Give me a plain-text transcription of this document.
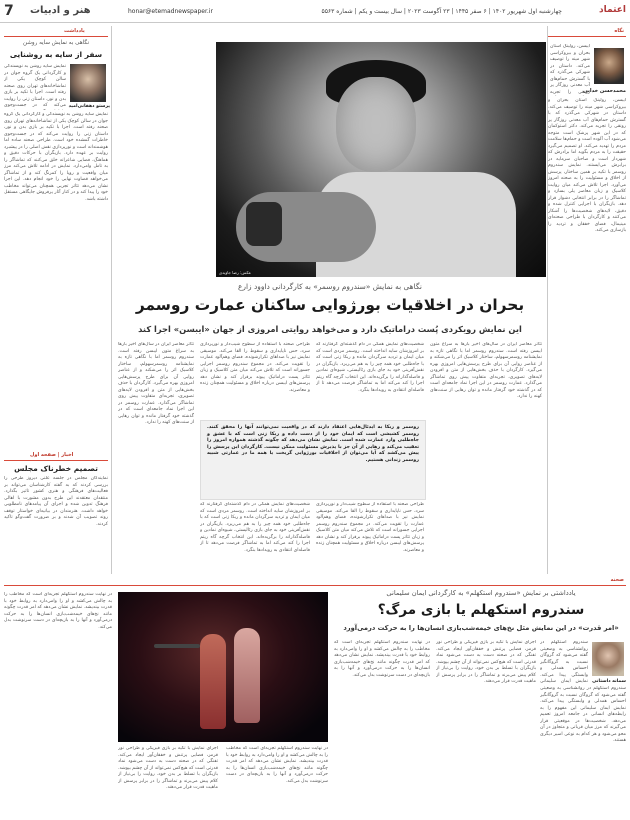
اعتماد
چهارشنبه اول شهریور ۱۴۰۲ | ۶ صفر ۱۴۴۵ | ۲۳ آگوست ۲۰۲۳ | سال بیست و یکم | شماره ۵۵۶۳
honar@etemadnewspaper.ir
هنر و ادبیات
7
نگاه
محمدحسن خدایی
ایبسن، رولینگ استان بحران و بیروکراسی شهر مینه را توصیف می‌کند. داستان در شهرکی می‌گذرد که با گسترش حمام‌های آب معدنی روزگار پر رونقی را تجربه
ایبسن، رولینگ استان بحران و بیروکراسی شهر مینه را توصیف می‌کند. داستان در شهرکی می‌گذرد که با گسترش حمام‌های آب معدنی روزگار پر رونقی را تجربه می‌کند. دکتر استوکمان که در این شهر پزشک است متوجه می‌شود آب آلوده است و حمام‌ها سلامت مردم را تهدید می‌کند. او تصمیم می‌گیرد حقیقت را به مردم بگوید اما برادرش که شهردار است و صاحبان سرمایه در برابرش می‌ایستند. نمایش سندروم روسمر با تکیه بر همین ساختار، پرسش از اخلاق و مسئولیت را به صحنه امروز می‌آورد. اجرا تلاش می‌کند میان روایت کلاسیک و زبان معاصر پلی بسازد و تماشاگر را در برابر انتخابی دشوار قرار دهد. بازیگران با اجرایی کنترل شده و دقیق، لایه‌های شخصیت‌ها را آشکار می‌کنند و کارگردان با طراحی صحنه‌ای مینیمال، فضای خفقان و تردید را بازسازی می‌کند.
عکس: رضا جاویدی
نگاهی به نمایش «سندروم روسمر» به کارگردانی داوود زارع
بحران در اخلاقیات بورژوایی ساکنان عمارت روسمر
این نمایش رویکردی پُست دراماتیک دارد و می‌خواهد روایتی امروزی از جهان «ایبسن» اجرا کند
تئاتر معاصر ایران در سال‌های اخیر بارها به سراغ متون ایبسن رفته است. سندروم روسمر اما با نگاهی تازه به نمایشنامه روسمرسهولم، ساختار کلاسیک اثر را می‌شکند و از عناصر روایی آن برای طرح پرسش‌هایی امروزی بهره می‌گیرد. کارگردان با حذف بخش‌هایی از متن و افزودن لایه‌های تصویری، تجربه‌ای متفاوت پیش روی تماشاگر می‌گذارد. عمارت روسمر در این اجرا نماد جامعه‌ای است که در گذشته خود گرفتار مانده و توان رهایی از سنت‌های کهنه را ندارد.
شخصیت‌های نمایش همگی در دام گذشته‌ای گرفتارند که بر امروزشان سایه انداخته است. روسمر مردی است که میان ایمان و تردید سرگردان مانده و ربکا زنی است که با جاه‌طلبی خود همه چیز را به هم می‌ریزد. بازیگران در نقش‌آفرینی خود به جای بازی رئالیستی، شیوه‌ای نمادین و فاصله‌گذارانه را برگزیده‌اند. این انتخاب گرچه گاه ریتم اجرا را کند می‌کند اما به تماشاگر فرصت می‌دهد تا از فاصله‌ای انتقادی به رویدادها بنگرد.
طراحی صحنه با استفاده از سطوح شیب‌دار و نورپردازی سرد، حس ناپایداری و سقوط را القا می‌کند. موسیقی نمایش نیز با صداهای تکرارشونده، فضای وهم‌آلود عمارت را تقویت می‌کند. در مجموع سندروم روسمر اجرایی جسورانه است که تلاش می‌کند میان متن کلاسیک و زبان تئاتر پست دراماتیک پیوند برقرار کند و نشان دهد پرسش‌های ایبسن درباره اخلاق و مسئولیت همچنان زنده و معاصرند.
تئاتر معاصر ایران در سال‌های اخیر بارها به سراغ متون ایبسن رفته است. سندروم روسمر اما با نگاهی تازه به نمایشنامه روسمرسهولم، ساختار کلاسیک اثر را می‌شکند و از عناصر روایی آن برای طرح پرسش‌هایی امروزی بهره می‌گیرد. کارگردان با حذف بخش‌هایی از متن و افزودن لایه‌های تصویری، تجربه‌ای متفاوت پیش روی تماشاگر می‌گذارد. عمارت روسمر در این اجرا نماد جامعه‌ای است که در گذشته خود گرفتار مانده و توان رهایی از سنت‌های کهنه را ندارد.
روسمر و ربکا به ایدئال‌هایی اعتقاد دارند که در واقعیت نمی‌توانند آنها را محقق کنند. روسمر کشیشی است که ایمان خود را از دست داده و ربکا زنی است که با عشق و جاه‌طلبی وارد عمارت شده است. نمایش نشان می‌دهد که چگونه گذشته همواره امروز را تعقیب می‌کند و رهایی از آن جز با پذیرش مسئولیت ممکن نیست. کارگردان این پرسش را پیش می‌کشد که آیا می‌توان از اخلاقیات بورژوایی گریخت یا همه ما در عمارتی شبیه روسمر زندانی هستیم.
طراحی صحنه با استفاده از سطوح شیب‌دار و نورپردازی سرد، حس ناپایداری و سقوط را القا می‌کند. موسیقی نمایش نیز با صداهای تکرارشونده، فضای وهم‌آلود عمارت را تقویت می‌کند. در مجموع سندروم روسمر اجرایی جسورانه است که تلاش می‌کند میان متن کلاسیک و زبان تئاتر پست دراماتیک پیوند برقرار کند و نشان دهد پرسش‌های ایبسن درباره اخلاق و مسئولیت همچنان زنده و معاصرند.
شخصیت‌های نمایش همگی در دام گذشته‌ای گرفتارند که بر امروزشان سایه انداخته است. روسمر مردی است که میان ایمان و تردید سرگردان مانده و ربکا زنی است که با جاه‌طلبی خود همه چیز را به هم می‌ریزد. بازیگران در نقش‌آفرینی خود به جای بازی رئالیستی، شیوه‌ای نمادین و فاصله‌گذارانه را برگزیده‌اند. این انتخاب گرچه گاه ریتم اجرا را کند می‌کند اما به تماشاگر فرصت می‌دهد تا از فاصله‌ای انتقادی به رویدادها بنگرد.
یادداشت
نگاهی به نمایش سایه روشن
سفر از سایه به روشنایی
پرستو دهقانی‌امید
نمایش سایه روشن به نویسندگی و کارگردانی یک گروه جوان در سالن کوچک یکی از تماشاخانه‌های تهران روی صحنه رفته است. اجرا با تکیه بر بازی بدن و نور، داستان زنی را روایت می‌کند که در جست‌وجوی
نمایش سایه روشن به نویسندگی و کارگردانی یک گروه جوان در سالن کوچک یکی از تماشاخانه‌های تهران روی صحنه رفته است. اجرا با تکیه بر بازی بدن و نور، داستان زنی را روایت می‌کند که در جست‌وجوی خاطرات گمشده خود است. طراحی صحنه ساده اما هوشمندانه است و نورپردازی نقش اصلی را در پیشبرد روایت بر عهده دارد. بازیگران با حرکات دقیق و هماهنگ، فضایی شاعرانه خلق می‌کنند که تماشاگر را به تامل وامی‌دارد. نمایش در ادامه تلاش می‌کند مرز میان واقعیت و رویا را کمرنگ کند و از تماشاگر می‌خواهد قضاوت نهایی را خود انجام دهد. این اجرا نشان می‌دهد تئاتر تجربی همچنان می‌تواند مخاطب خود را پیدا کند و در کنار آثار پرفروش جایگاهی مستقل داشته باشد.
اخبار | صفحه اول
تصمیم خطرناک مجلس
نمایندگان مجلس در جلسه علنی دیروز طرحی را بررسی کردند که به گفته کارشناسان می‌تواند بر فعالیت‌های فرهنگی و هنری کشور تاثیر بگذارد. منتقدان معتقدند این طرح بدون مشورت با اهالی فرهنگ تدوین شده و اجرای آن پیامدهای نامطلوبی خواهد داشت. هنرمندان در بیانیه‌ای خواستار توقف روند تصویب آن شدند و بر ضرورت گفت‌وگو تاکید کردند.
صحنه
یادداشتی بر نمایش «سندروم استکهلم» به کارگردانی ایمان سلیمانی
سندروم استکهلم یا بازی مرگ؟
«امر قدرت» در این نمایش مثل نخ‌های خیمه‌شب‌بازی انسان‌ها را به حرکت درمی‌آورد
سمانه داستانی
سندروم استکهلم در روانشناسی به وضعیتی گفته می‌شود که گروگان نسبت به گروگانگیر احساس همدلی و وابستگی پیدا می‌کند. نمایش ایمان سلیمانی
سندروم استکهلم در روانشناسی به وضعیتی گفته می‌شود که گروگان نسبت به گروگانگیر احساس همدلی و وابستگی پیدا می‌کند. نمایش ایمان سلیمانی این مفهوم را به رابطه‌های انسانی در جامعه امروز تعمیم می‌دهد. شخصیت‌ها در موقعیتی قرار می‌گیرند که مرز میان قربانی و متجاوز در آن محو می‌شود و هر کدام به نوعی اسیر دیگری هستند.
اجرای نمایش با تکیه بر بازی فیزیکی و طراحی نور قرمز، فضایی پرتنش و خفقان‌آور ایجاد می‌کند. تفنگی که در صحنه دست به دست می‌شود نماد قدرتی است که هیچ‌کس نمی‌تواند از آن چشم بپوشد. بازیگران با تسلط بر بدن خود، روایت را بی‌نیاز از کلام پیش می‌برند و تماشاگر را در برابر پرسش از ماهیت قدرت قرار می‌دهند.
در نهایت سندروم استکهلم تجربه‌ای است که مخاطب را به چالش می‌کشد و او را وامی‌دارد به روابط خود با قدرت بیندیشد. نمایش نشان می‌دهد که امر قدرت چگونه مانند نخ‌های خیمه‌شب‌بازی انسان‌ها را به حرکت درمی‌آورد و آنها را به بازیچه‌ای در دست سرنوشت بدل می‌کند.
اجرای نمایش با تکیه بر بازی فیزیکی و طراحی نور قرمز، فضایی پرتنش و خفقان‌آور ایجاد می‌کند. تفنگی که در صحنه دست به دست می‌شود نماد قدرتی است که هیچ‌کس نمی‌تواند از آن چشم بپوشد. بازیگران با تسلط بر بدن خود، روایت را بی‌نیاز از کلام پیش می‌برند و تماشاگر را در برابر پرسش از ماهیت قدرت قرار می‌دهند.
در نهایت سندروم استکهلم تجربه‌ای است که مخاطب را به چالش می‌کشد و او را وامی‌دارد به روابط خود با قدرت بیندیشد. نمایش نشان می‌دهد که امر قدرت چگونه مانند نخ‌های خیمه‌شب‌بازی انسان‌ها را به حرکت درمی‌آورد و آنها را به بازیچه‌ای در دست سرنوشت بدل می‌کند.
در نهایت سندروم استکهلم تجربه‌ای است که مخاطب را به چالش می‌کشد و او را وامی‌دارد به روابط خود با قدرت بیندیشد. نمایش نشان می‌دهد که امر قدرت چگونه مانند نخ‌های خیمه‌شب‌بازی انسان‌ها را به حرکت درمی‌آورد و آنها را به بازیچه‌ای در دست سرنوشت بدل می‌کند.
